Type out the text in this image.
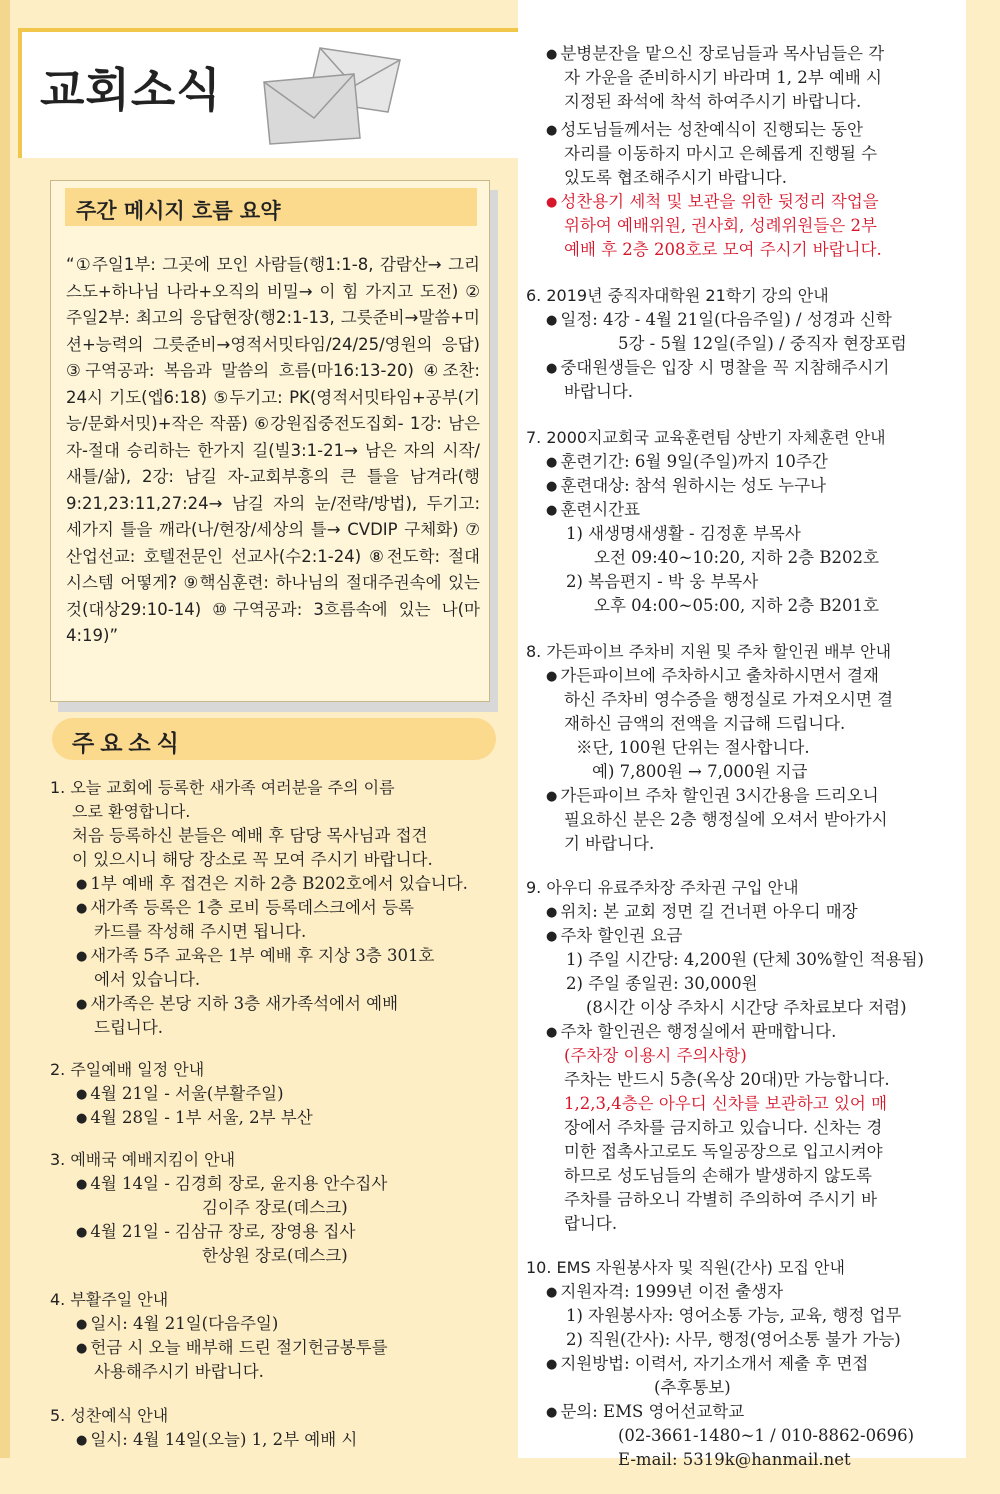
교회소식
주간 메시지 흐름 요약
“①주일1부: 그곳에 모인 사람들(행1:1-8, 감람산→ 그리스도+하나님 나라+오직의 비밀→ 이 힘 가지고 도전) ②주일2부: 최고의 응답현장(행2:1-13, 그릇준비→말씀+미션+능력의 그릇준비→영적서밋타임/24/25/영원의 응답) ③구역공과: 복음과 말씀의 흐름(마16:13-20) ④조찬: 24시 기도(엡6:18) ⑤두기고: PK(영적서밋타임+공부(기능/문화서밋)+작은 작품) ⑥강원집중전도집회- 1강: 남은 자-절대 승리하는 한가지 길(빌3:1-21→ 남은 자의 시작/새틀/삶), 2강: 남길 자-교회부흥의 큰 틀을 남겨라(행9:21,23:11,27:24→ 남길 자의 눈/전략/방법), 두기고: 세가지 틀을 깨라(나/현장/세상의 틀→ CVDIP 구체화) ⑦산업선교: 호텔전문인 선교사(수2:1-24) ⑧전도학: 절대 시스템 어떻게? ⑨핵심훈련: 하나님의 절대주권속에 있는 것(대상29:10-14) ⑩구역공과: 3흐름속에 있는 나(마4:19)”
주요소식
1. 오늘 교회에 등록한 새가족 여러분을 주의 이름
으로 환영합니다.
처음 등록하신 분들은 예배 후 담당 목사님과 접견
이 있으시니 해당 장소로 꼭 모여 주시기 바랍니다.
● 1부 예배 후 접견은 지하 2층 B202호에서 있습니다.
● 새가족 등록은 1층 로비 등록데스크에서 등록
카드를 작성해 주시면 됩니다.
● 새가족 5주 교육은 1부 예배 후 지상 3층 301호
에서 있습니다.
● 새가족은 본당 지하 3층 새가족석에서 예배
드립니다.
2. 주일예배 일정 안내
● 4월 21일 - 서울(부활주일)
● 4월 28일 - 1부 서울, 2부 부산
3. 예배국 예배지킴이 안내
● 4월 14일 - 김경희 장로, 윤지용 안수집사
김이주 장로(데스크)
● 4월 21일 - 김삼규 장로, 장영용 집사
한상원 장로(데스크)
4. 부활주일 안내
● 일시: 4월 21일(다음주일)
● 헌금 시 오늘 배부해 드린 절기헌금봉투를
사용해주시기 바랍니다.
5. 성찬예식 안내
● 일시: 4월 14일(오늘) 1, 2부 예배 시
● 분병분잔을 맡으신 장로님들과 목사님들은 각
자 가운을 준비하시기 바라며 1, 2부 예배 시
지정된 좌석에 착석 하여주시기 바랍니다.
● 성도님들께서는 성찬예식이 진행되는 동안
자리를 이동하지 마시고 은혜롭게 진행될 수
있도록 협조해주시기 바랍니다.
● 성찬용기 세척 및 보관을 위한 뒷정리 작업을
위하여 예배위원, 권사회, 성례위원들은 2부
예배 후 2층 208호로 모여 주시기 바랍니다.
6. 2019년 중직자대학원 21학기 강의 안내
● 일정: 4강 - 4월 21일(다음주일) / 성경과 신학
5강 - 5월 12일(주일) / 중직자 현장포럼
● 중대원생들은 입장 시 명찰을 꼭 지참해주시기
바랍니다.
7. 2000지교회국 교육훈련팀 상반기 자체훈련 안내
● 훈련기간: 6월 9일(주일)까지 10주간
● 훈련대상: 참석 원하시는 성도 누구나
● 훈련시간표
1) 새생명새생활 - 김정훈 부목사
오전 09:40~10:20, 지하 2층 B202호
2) 복음편지 - 박 웅 부목사
오후 04:00~05:00, 지하 2층 B201호
8. 가든파이브 주차비 지원 및 주차 할인권 배부 안내
● 가든파이브에 주차하시고 출차하시면서 결재
하신 주차비 영수증을 행정실로 가져오시면 결
재하신 금액의 전액을 지급해 드립니다.
※단, 100원 단위는 절사합니다.
예) 7,800원 → 7,000원 지급
● 가든파이브 주차 할인권 3시간용을 드리오니
필요하신 분은 2층 행정실에 오셔서 받아가시
기 바랍니다.
9. 아우디 유료주차장 주차권 구입 안내
● 위치: 본 교회 정면 길 건너편 아우디 매장
● 주차 할인권 요금
1) 주일 시간당: 4,200원 (단체 30%할인 적용됨)
2) 주일 종일권: 30,000원
(8시간 이상 주차시 시간당 주차료보다 저렴)
● 주차 할인권은 행정실에서 판매합니다.
(주차장 이용시 주의사항)
주차는 반드시 5층(옥상 20대)만 가능합니다.
1,2,3,4층은 아우디 신차를 보관하고 있어 매
장에서 주차를 금지하고 있습니다. 신차는 경
미한 접촉사고로도 독일공장으로 입고시켜야
하므로 성도님들의 손해가 발생하지 않도록
주차를 금하오니 각별히 주의하여 주시기 바
랍니다.
10. EMS 자원봉사자 및 직원(간사) 모집 안내
● 지원자격: 1999년 이전 출생자
1) 자원봉사자: 영어소통 가능, 교육, 행정 업무
2) 직원(간사): 사무, 행정(영어소통 불가 가능)
● 지원방법: 이력서, 자기소개서 제출 후 면접
(추후통보)
● 문의: EMS 영어선교학교
(02-3661-1480~1 / 010-8862-0696)
E-mail: 5319k@hanmail.net
